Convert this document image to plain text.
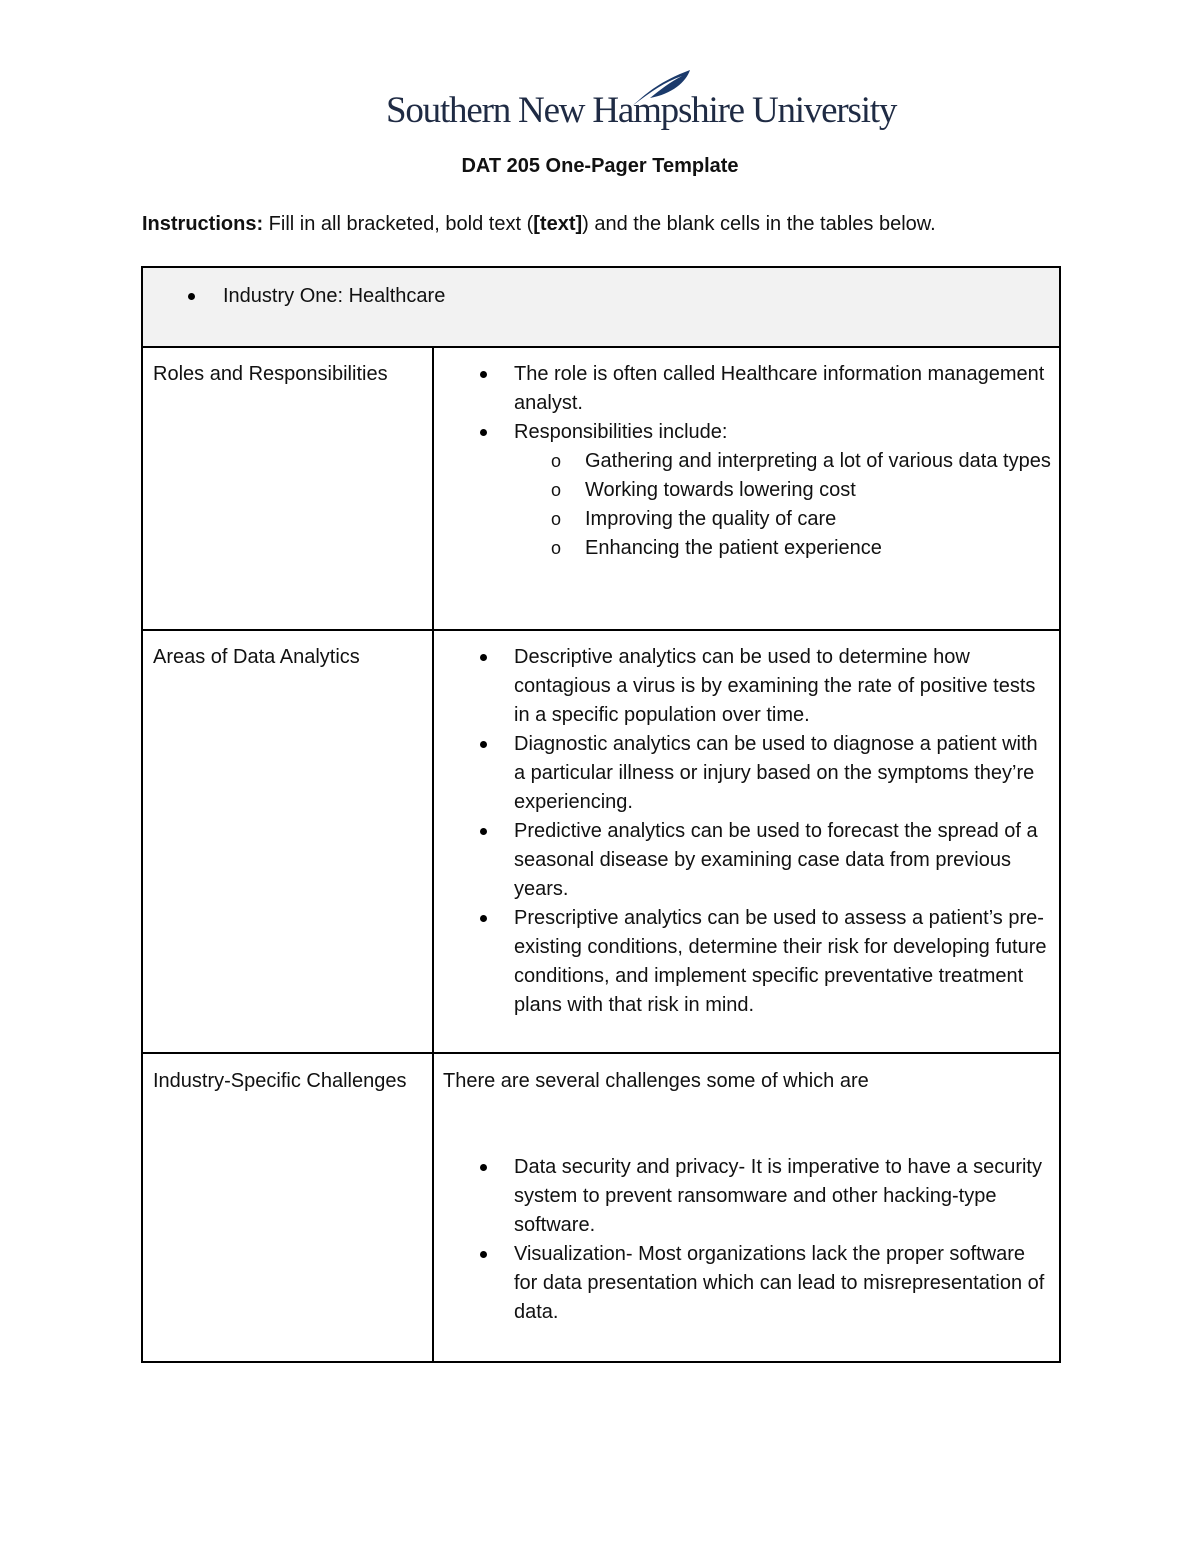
Southern New Hampshire University
DAT 205 One-Pager Template
Instructions: Fill in all bracketed, bold text ([text]) and the blank cells in the tables below.
Industry One: Healthcare
Roles and Responsibilities	The role is often called Healthcare information management analyst.
Responsibilities include:
o Gathering and interpreting a lot of various data types
o Working towards lowering cost
o Improving the quality of care
o Enhancing the patient experience
Areas of Data Analytics	Descriptive analytics can be used to determine how contagious a virus is by examining the rate of positive tests in a specific population over time.
Diagnostic analytics can be used to diagnose a patient with a particular illness or injury based on the symptoms they’re experiencing.
Predictive analytics can be used to forecast the spread of a seasonal disease by examining case data from previous years.
Prescriptive analytics can be used to assess a patient’s pre-existing conditions, determine their risk for developing future conditions, and implement specific preventative treatment plans with that risk in mind.
Industry-Specific Challenges There are several challenges some of which are
Data security and privacy- It is imperative to have a security system to prevent ransomware and other hacking-type software.
Visualization- Most organizations lack the proper software for data presentation which can lead to misrepresentation of data.
